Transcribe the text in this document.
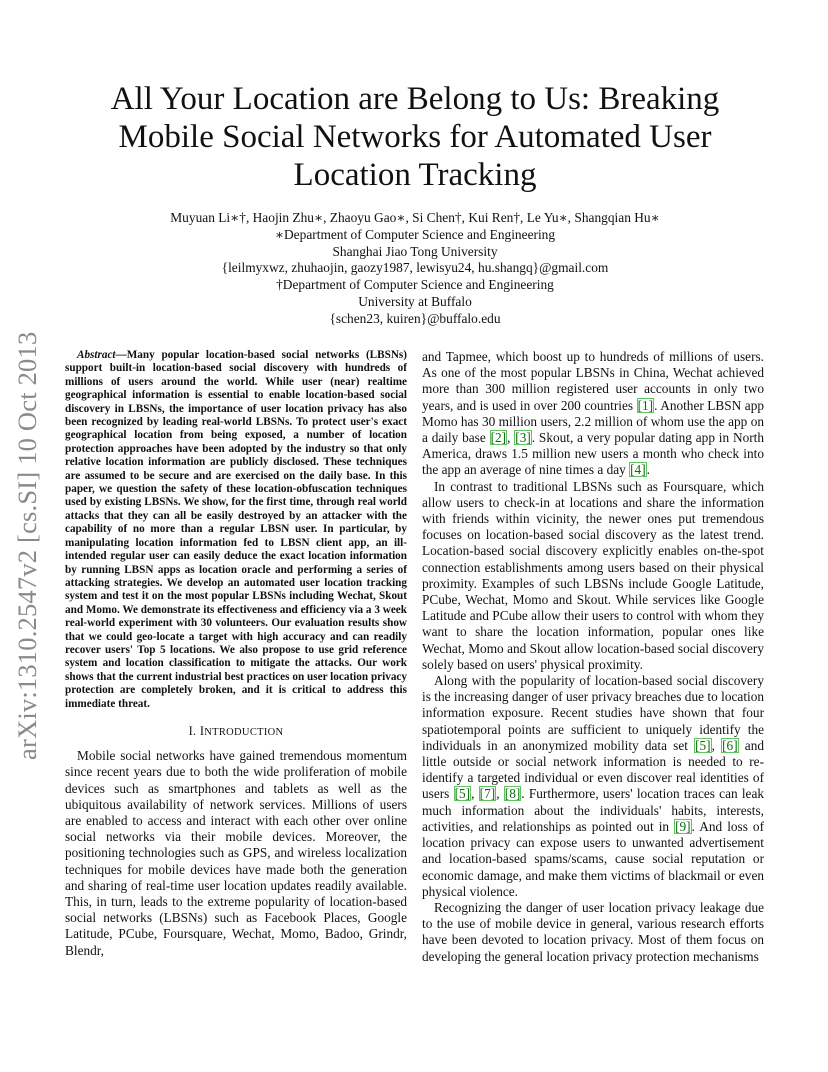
arXiv:1310.2547v2 [cs.SI] 10 Oct 2013
All Your Location are Belong to Us: Breaking
Mobile Social Networks for Automated User
Location Tracking
Muyuan Li∗†, Haojin Zhu∗, Zhaoyu Gao∗, Si Chen†, Kui Ren†, Le Yu∗, Shangqian Hu∗
∗Department of Computer Science and Engineering
Shanghai Jiao Tong University
{leilmyxwz, zhuhaojin, gaozy1987, lewisyu24, hu.shangq}@gmail.com
†Department of Computer Science and Engineering
University at Buffalo
{schen23, kuiren}@buffalo.edu

Abstract—Many popular location-based social networks (LBSNs) support built-in location-based social discovery with hundreds of millions of users around the world. While user (near) realtime geographical information is essential to enable location-based social discovery in LBSNs, the importance of user location privacy has also been recognized by leading real-world LBSNs. To protect user's exact geographical location from being exposed, a number of location protection approaches have been adopted by the industry so that only relative location information are publicly disclosed. These techniques are assumed to be secure and are exercised on the daily base. In this paper, we question the safety of these location-obfuscation techniques used by existing LBSNs. We show, for the first time, through real world attacks that they can all be easily destroyed by an attacker with the capability of no more than a regular LBSN user. In particular, by manipulating location information fed to LBSN client app, an ill-intended regular user can easily deduce the exact location information by running LBSN apps as location oracle and performing a series of attacking strategies. We develop an automated user location tracking system and test it on the most popular LBSNs including Wechat, Skout and Momo. We demonstrate its effectiveness and efficiency via a 3 week real-world experiment with 30 volunteers. Our evaluation results show that we could geo-locate a target with high accuracy and can readily recover users' Top 5 locations. We also propose to use grid reference system and location classification to mitigate the attacks. Our work shows that the current industrial best practices on user location privacy protection are completely broken, and it is critical to address this immediate threat.

I. INTRODUCTION

Mobile social networks have gained tremendous momentum since recent years due to both the wide proliferation of mobile devices such as smartphones and tablets as well as the ubiquitous availability of network services. Millions of users are enabled to access and interact with each other over online social networks via their mobile devices. Moreover, the positioning technologies such as GPS, and wireless localization techniques for mobile devices have made both the generation and sharing of real-time user location updates readily available. This, in turn, leads to the extreme popularity of location-based social networks (LBSNs) such as Facebook Places, Google Latitude, PCube, Foursquare, Wechat, Momo, Badoo, Grindr, Blendr,

and Tapmee, which boost up to hundreds of millions of users. As one of the most popular LBSNs in China, Wechat achieved more than 300 million registered user accounts in only two years, and is used in over 200 countries [1]. Another LBSN app Momo has 30 million users, 2.2 million of whom use the app on a daily base [2], [3]. Skout, a very popular dating app in North America, draws 1.5 million new users a month who check into the app an average of nine times a day [4].

In contrast to traditional LBSNs such as Foursquare, which allow users to check-in at locations and share the information with friends within vicinity, the newer ones put tremendous focuses on location-based social discovery as the latest trend. Location-based social discovery explicitly enables on-the-spot connection establishments among users based on their physical proximity. Examples of such LBSNs include Google Latitude, PCube, Wechat, Momo and Skout. While services like Google Latitude and PCube allow their users to control with whom they want to share the location information, popular ones like Wechat, Momo and Skout allow location-based social discovery solely based on users' physical proximity.

Along with the popularity of location-based social discovery is the increasing danger of user privacy breaches due to location information exposure. Recent studies have shown that four spatiotemporal points are sufficient to uniquely identify the individuals in an anonymized mobility data set [5], [6] and little outside or social network information is needed to re-identify a targeted individual or even discover real identities of users [5], [7], [8]. Furthermore, users' location traces can leak much information about the individuals' habits, interests, activities, and relationships as pointed out in [9]. And loss of location privacy can expose users to unwanted advertisement and location-based spams/scams, cause social reputation or economic damage, and make them victims of blackmail or even physical violence.

Recognizing the danger of user location privacy leakage due to the use of mobile device in general, various research efforts have been devoted to location privacy. Most of them focus on developing the general location privacy protection mechanisms
